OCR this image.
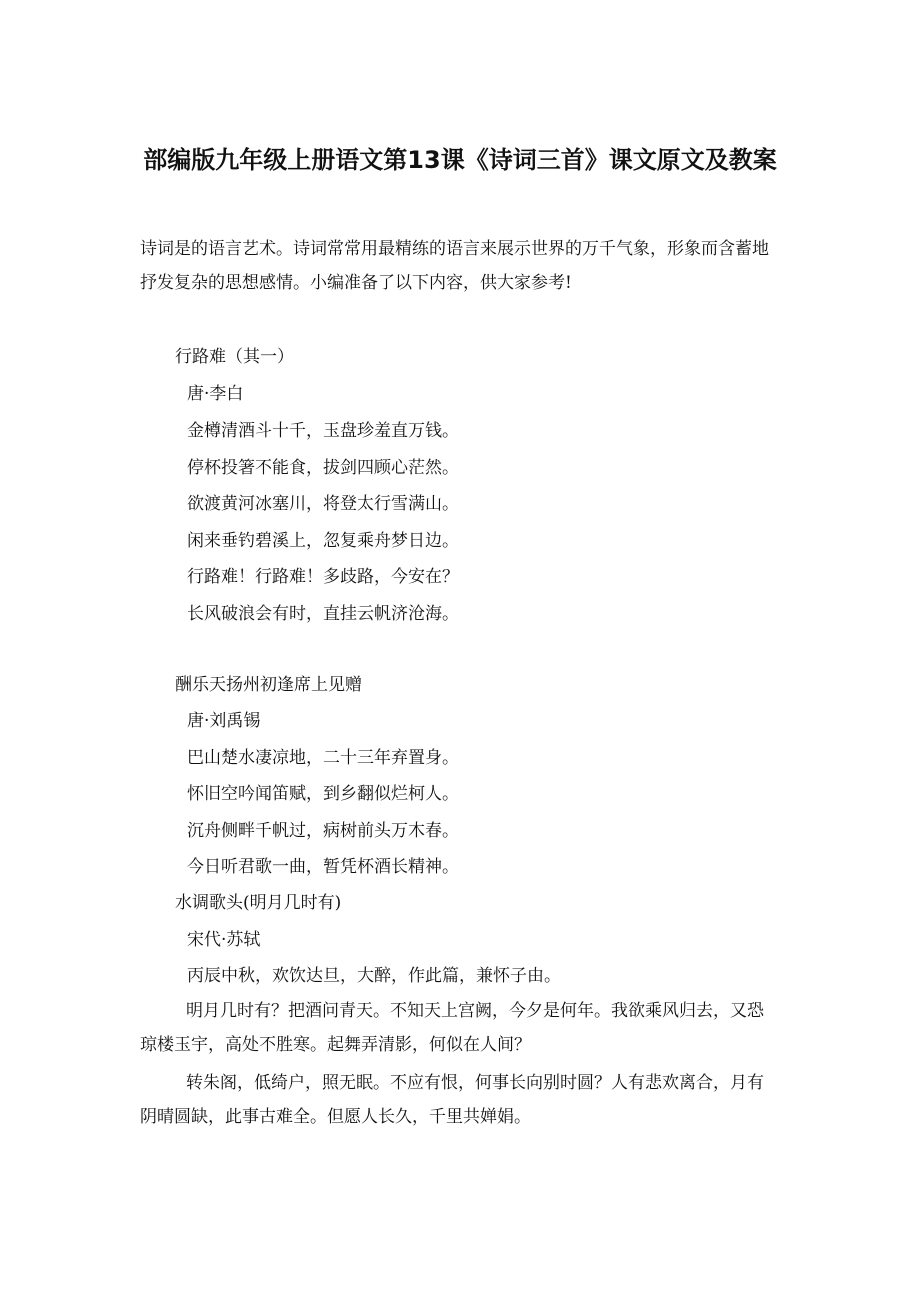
部编版九年级上册语文第13课《诗词三首》课文原文及教案
诗词是的语言艺术。诗词常常用最精练的语言来展示世界的万千气象，形象而含蓄地抒发复杂的思想感情。小编准备了以下内容，供大家参考!
行路难（其一）
唐·李白
金樽清酒斗十千，玉盘珍羞直万钱。
停杯投箸不能食，拔剑四顾心茫然。
欲渡黄河冰塞川，将登太行雪满山。
闲来垂钓碧溪上，忽复乘舟梦日边。
行路难！行路难！多歧路，今安在？
长风破浪会有时，直挂云帆济沧海。
酬乐天扬州初逢席上见赠
唐·刘禹锡
巴山楚水凄凉地，二十三年弃置身。
怀旧空吟闻笛赋，到乡翻似烂柯人。
沉舟侧畔千帆过，病树前头万木春。
今日听君歌一曲，暂凭杯酒长精神。
水调歌头(明月几时有)
宋代·苏轼
丙辰中秋，欢饮达旦，大醉，作此篇，兼怀子由。
明月几时有？把酒问青天。不知天上宫阙，今夕是何年。我欲乘风归去，又恐琼楼玉宇，高处不胜寒。起舞弄清影，何似在人间？
转朱阁，低绮户，照无眠。不应有恨，何事长向别时圆？人有悲欢离合，月有阴晴圆缺，此事古难全。但愿人长久，千里共婵娟。
